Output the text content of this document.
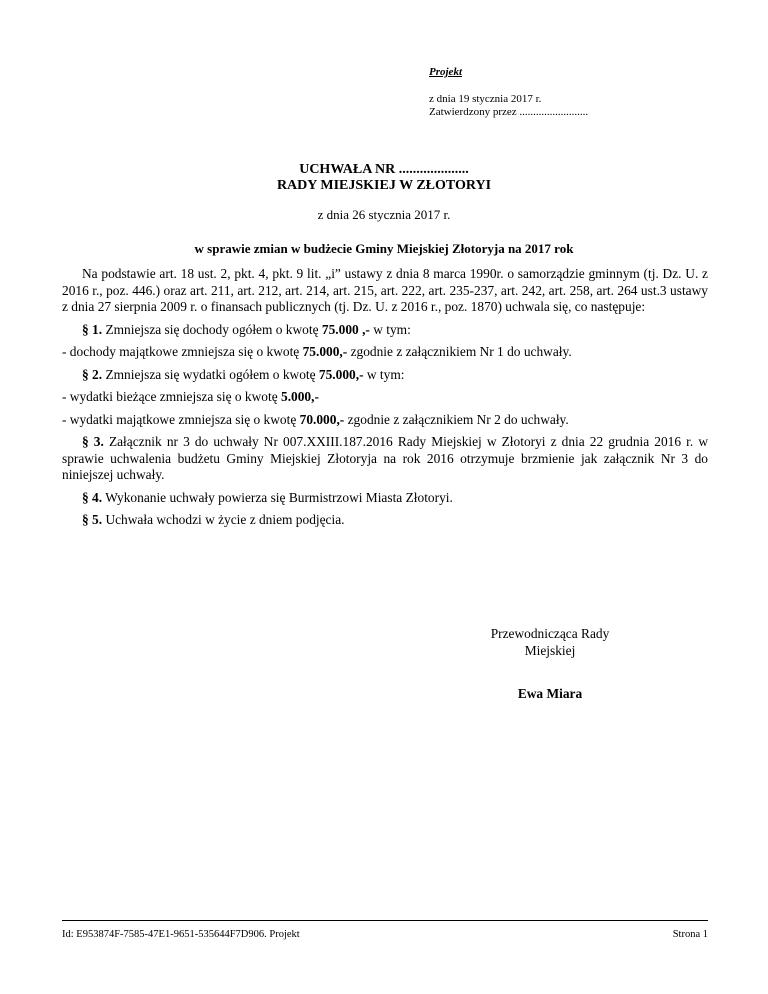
Projekt
z dnia 19 stycznia 2017 r.
Zatwierdzony przez .........................
UCHWAŁA NR ....................
RADY MIEJSKIEJ W ZŁOTORYI
z dnia 26 stycznia 2017 r.
w sprawie zmian w budżecie Gminy Miejskiej Złotoryja na 2017 rok

Na podstawie art. 18 ust. 2, pkt. 4, pkt. 9 lit. „i” ustawy z dnia 8 marca 1990r. o samorządzie gminnym (tj. Dz. U. z 2016 r., poz. 446.) oraz art. 211, art. 212, art. 214, art. 215, art. 222, art. 235-237, art. 242, art. 258, art. 264 ust.3 ustawy z dnia 27 sierpnia 2009 r. o finansach publicznych (tj. Dz. U. z 2016 r., poz. 1870) uchwala się, co następuje:

§ 1. Zmniejsza się dochody ogółem o kwotę 75.000 ,- w tym:

- dochody majątkowe zmniejsza się o kwotę 75.000,- zgodnie z załącznikiem Nr 1 do uchwały.

§ 2. Zmniejsza się wydatki ogółem o kwotę 75.000,- w tym:

- wydatki bieżące zmniejsza się o kwotę 5.000,-

- wydatki majątkowe zmniejsza się o kwotę 70.000,- zgodnie z załącznikiem Nr 2 do uchwały.

§ 3. Załącznik nr 3 do uchwały Nr 007.XXIII.187.2016 Rady Miejskiej w Złotoryi z dnia 22 grudnia 2016 r. w sprawie uchwalenia budżetu Gminy Miejskiej Złotoryja na rok 2016 otrzymuje brzmienie jak załącznik Nr 3 do niniejszej uchwały.

§ 4. Wykonanie uchwały powierza się Burmistrzowi Miasta Złotoryi.

§ 5. Uchwała wchodzi w życie z dniem podjęcia.

Przewodnicząca Rady
Miejskiej
Ewa Miara
Id: E953874F-7585-47E1-9651-535644F7D906. Projekt	Strona 1
